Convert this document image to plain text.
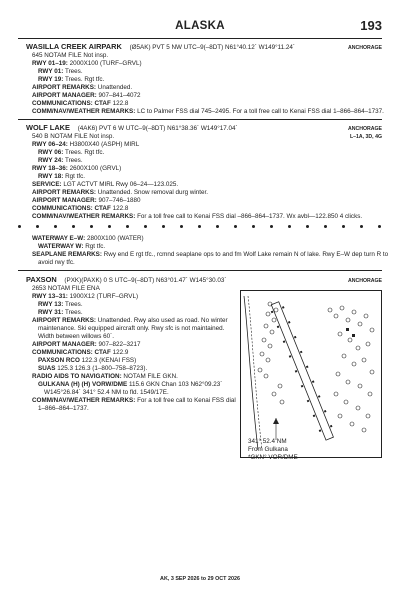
ALASKA	193
WASILLA CREEK AIRPARK (Ø5AK) PVT 5 NW UTC–9(–8DT) N61°40.12´ W149°11.24´	ANCHORAGE
645 NOTAM FILE Not insp.
RWY 01–19: 2000X100 (TURF–GRVL)
RWY 01: Trees.
RWY 19: Trees. Rgt tfc.
AIRPORT REMARKS: Unattended.
AIRPORT MANAGER: 907–841–4072
COMMUNICATIONS: CTAF 122.8
COMM/NAV/WEATHER REMARKS: LC to Palmer FSS dial 745–2495. For a toll free call to Kenai FSS dial 1–866–864–1737.
WOLF LAKE (4AK6) PVT 6 W UTC–9(–8DT) N61°38.36´ W149°17.04´	ANCHORAGE
L–1A, 3D, 4G
540 B NOTAM FILE Not insp.
RWY 06–24: H3800X40 (ASPH) MIRL
RWY 06: Trees. Rgt tfc.
RWY 24: Trees.
RWY 18–36: 2600X100 (GRVL)
RWY 18: Rgt tfc.
SERVICE: LGT ACTVT MIRL Rwy 06–24—123.025.
AIRPORT REMARKS: Unattended. Snow removal durg winter.
AIRPORT MANAGER: 907–746–1880
COMMUNICATIONS: CTAF 122.8
COMM/NAV/WEATHER REMARKS: For a toll free call to Kenai FSS dial –866–864–1737. Wx avbl—122.850 4 clicks.
WATERWAY E–W: 2800X100 (WATER)
WATERWAY W: Rgt tfc.
SEAPLANE REMARKS: Rwy end E rgt tfc., rcmnd seaplane ops to and fm Wolf Lake remain N of lake. Rwy E–W dep turn R to
avoid rwy tfc.
PAXSON (PXK)(PAXK) 0 S UTC–9(–8DT) N63°01.47´ W145°30.03´	ANCHORAGE
2653 NOTAM FILE ENA
RWY 13–31: 1900X12 (TURF–GRVL)
RWY 13: Trees.
RWY 31: Trees.
AIRPORT REMARKS: Unattended. Rwy also used as road. No winter
maintenance. Ski equipped aircraft only. Rwy sfc is not maintained.
Width between willows 60´.
AIRPORT MANAGER: 907–822–3217
COMMUNICATIONS: CTAF 122.9
PAXSON RCO 122.3 (KENAI FSS)
SUAS 125.3 126.3 (1–800–758–8723).
RADIO AIDS TO NAVIGATION: NOTAM FILE GKN.
GULKANA (H) (H) VORW/DME 115.6 GKN Chan 103 N62°09.23´
W145°26.84´ 341° 52.4 NM to fld. 1549/17E.
COMM/NAV/WEATHER REMARKS: For a toll free call to Kenai FSS dial
1–866–864–1737.
341° 52.4 NM
From Gulkana
*GKN° VOR/DME
AK, 3 SEP 2026 to 29 OCT 2026
